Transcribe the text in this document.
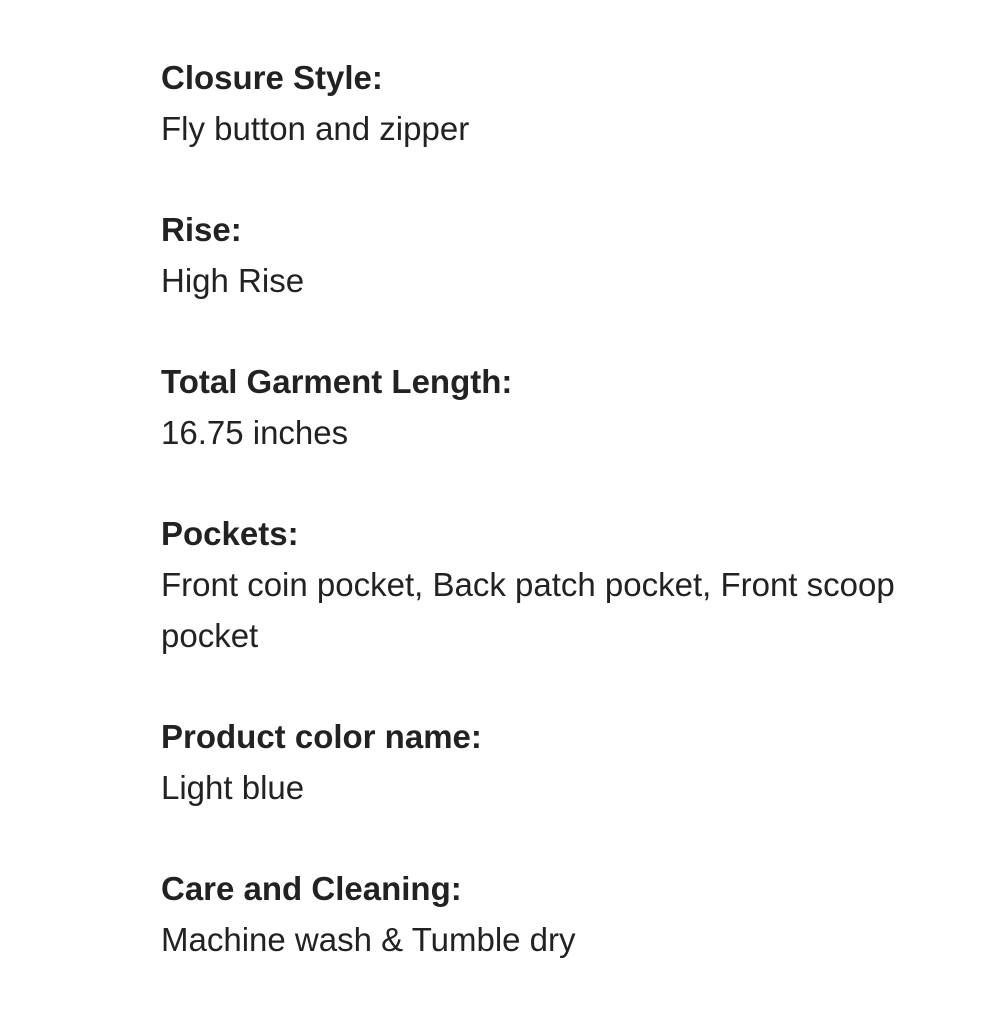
Closure Style:

Fly button and zipper

Rise:

High Rise

Total Garment Length:

16.75 inches

Pockets:

Front coin pocket, Back patch pocket, Front scoop pocket

Product color name:

Light blue

Care and Cleaning:

Machine wash & Tumble dry
